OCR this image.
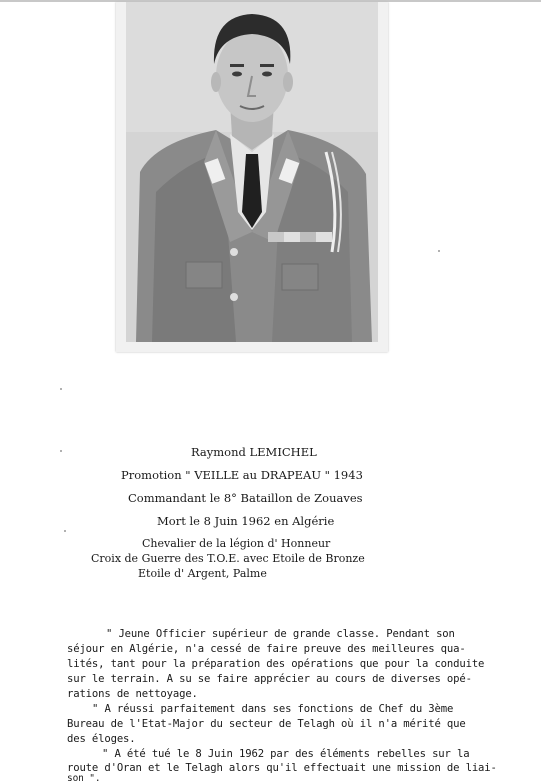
Raymond LEMICHEL
Promotion " VEILLE au DRAPEAU " 1943
Commandant le 8° Bataillon de Zouaves
Mort le 8 Juin 1962 en Algérie
Chevalier de la légion d' Honneur
Croix de Guerre des T.O.E. avec Etoile de Bronze
Etoile d' Argent, Palme
" Jeune Officier supérieur de grande classe. Pendant son
séjour en Algérie, n'a cessé de faire preuve des meilleures qua-
lités, tant pour la préparation des opérations que pour la conduite
sur le terrain. A su se faire apprécier au cours de diverses opé-
rations de nettoyage.
" A réussi parfaitement dans ses fonctions de Chef du 3ème
Bureau de l'Etat-Major du secteur de Telagh où il n'a mérité que
des éloges.
" A été tué le 8 Juin 1962 par des éléments rebelles sur la
route d'Oran et le Telagh alors qu'il effectuait une mission de liai-
son ".
